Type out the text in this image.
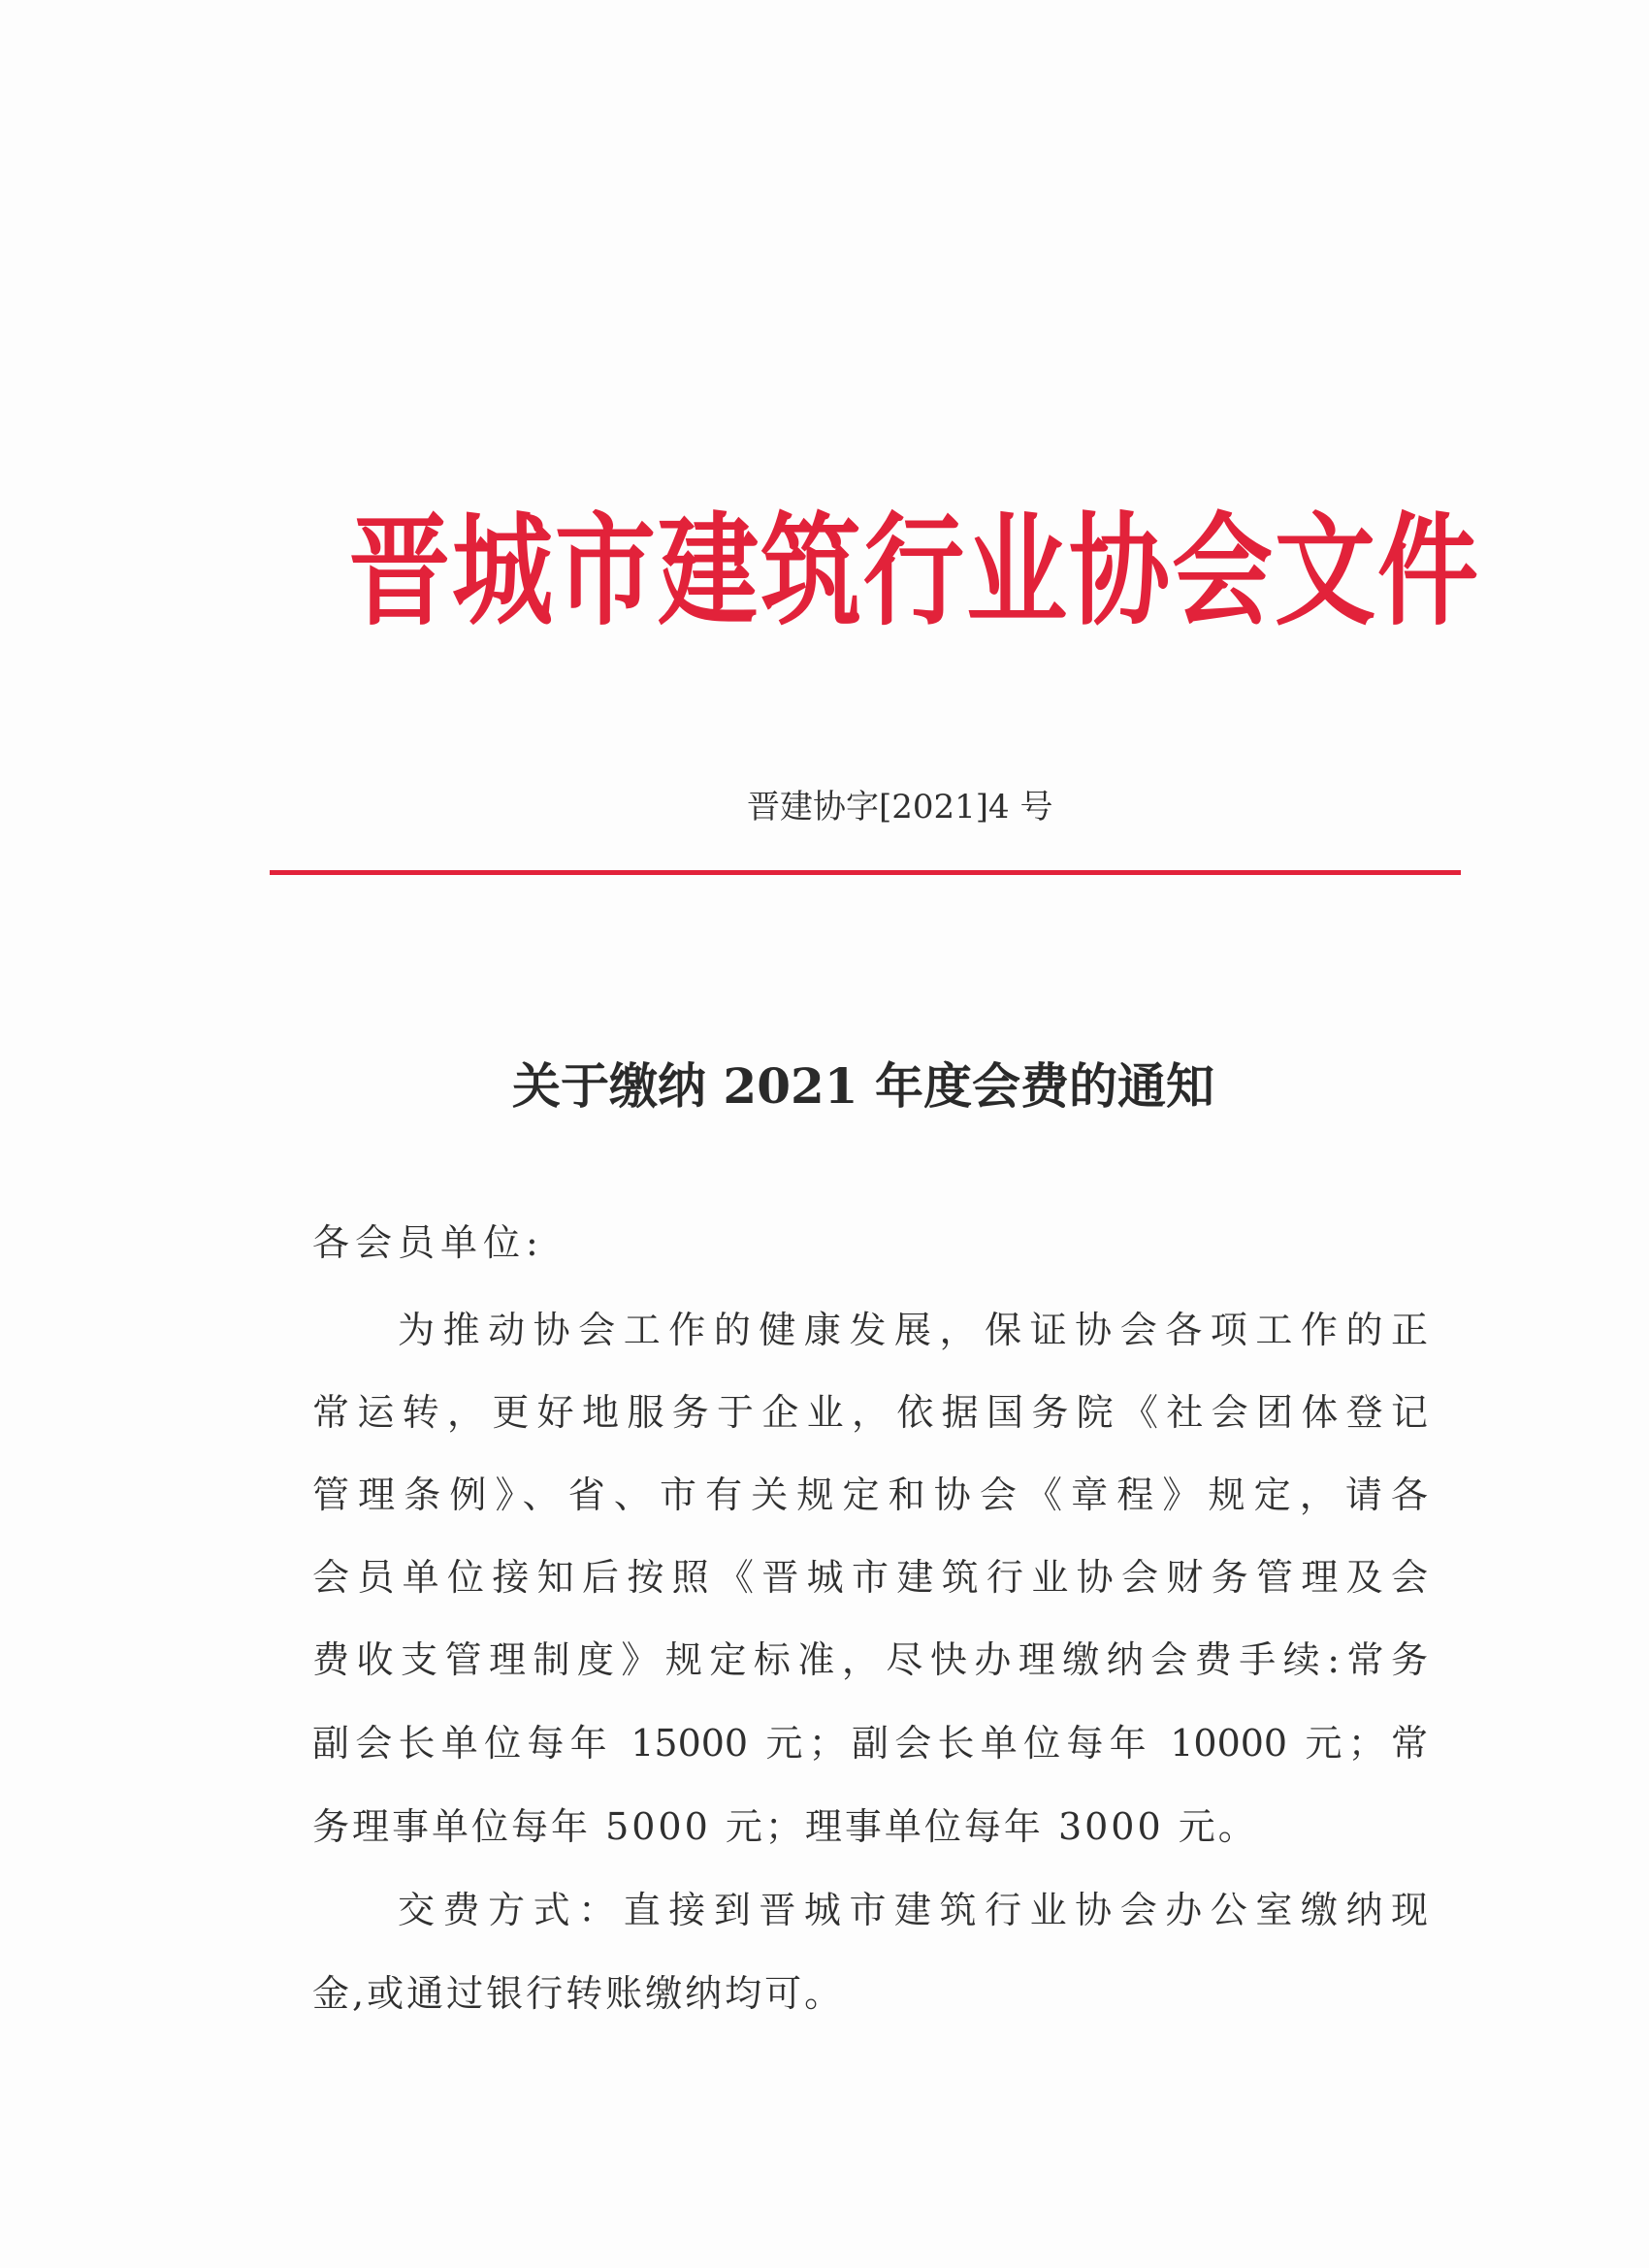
晋城市建筑行业协会文件
晋建协字[2021]4 号
关于缴纳 2021 年度会费的通知
各会员单位:
为推动协会工作的健康发展，保证协会各项工作的正
常运转，更好地服务于企业，依据国务院《社会团体登记
管理条例》、省、市有关规定和协会《章程》规定，请各
会员单位接知后按照《晋城市建筑行业协会财务管理及会
费收支管理制度》规定标准，尽快办理缴纳会费手续:常务
副会长单位每年 15000 元；副会长单位每年 10000 元；常
务理事单位每年 5000 元；理事单位每年 3000 元。
交费方式：直接到晋城市建筑行业协会办公室缴纳现
金,或通过银行转账缴纳均可。
